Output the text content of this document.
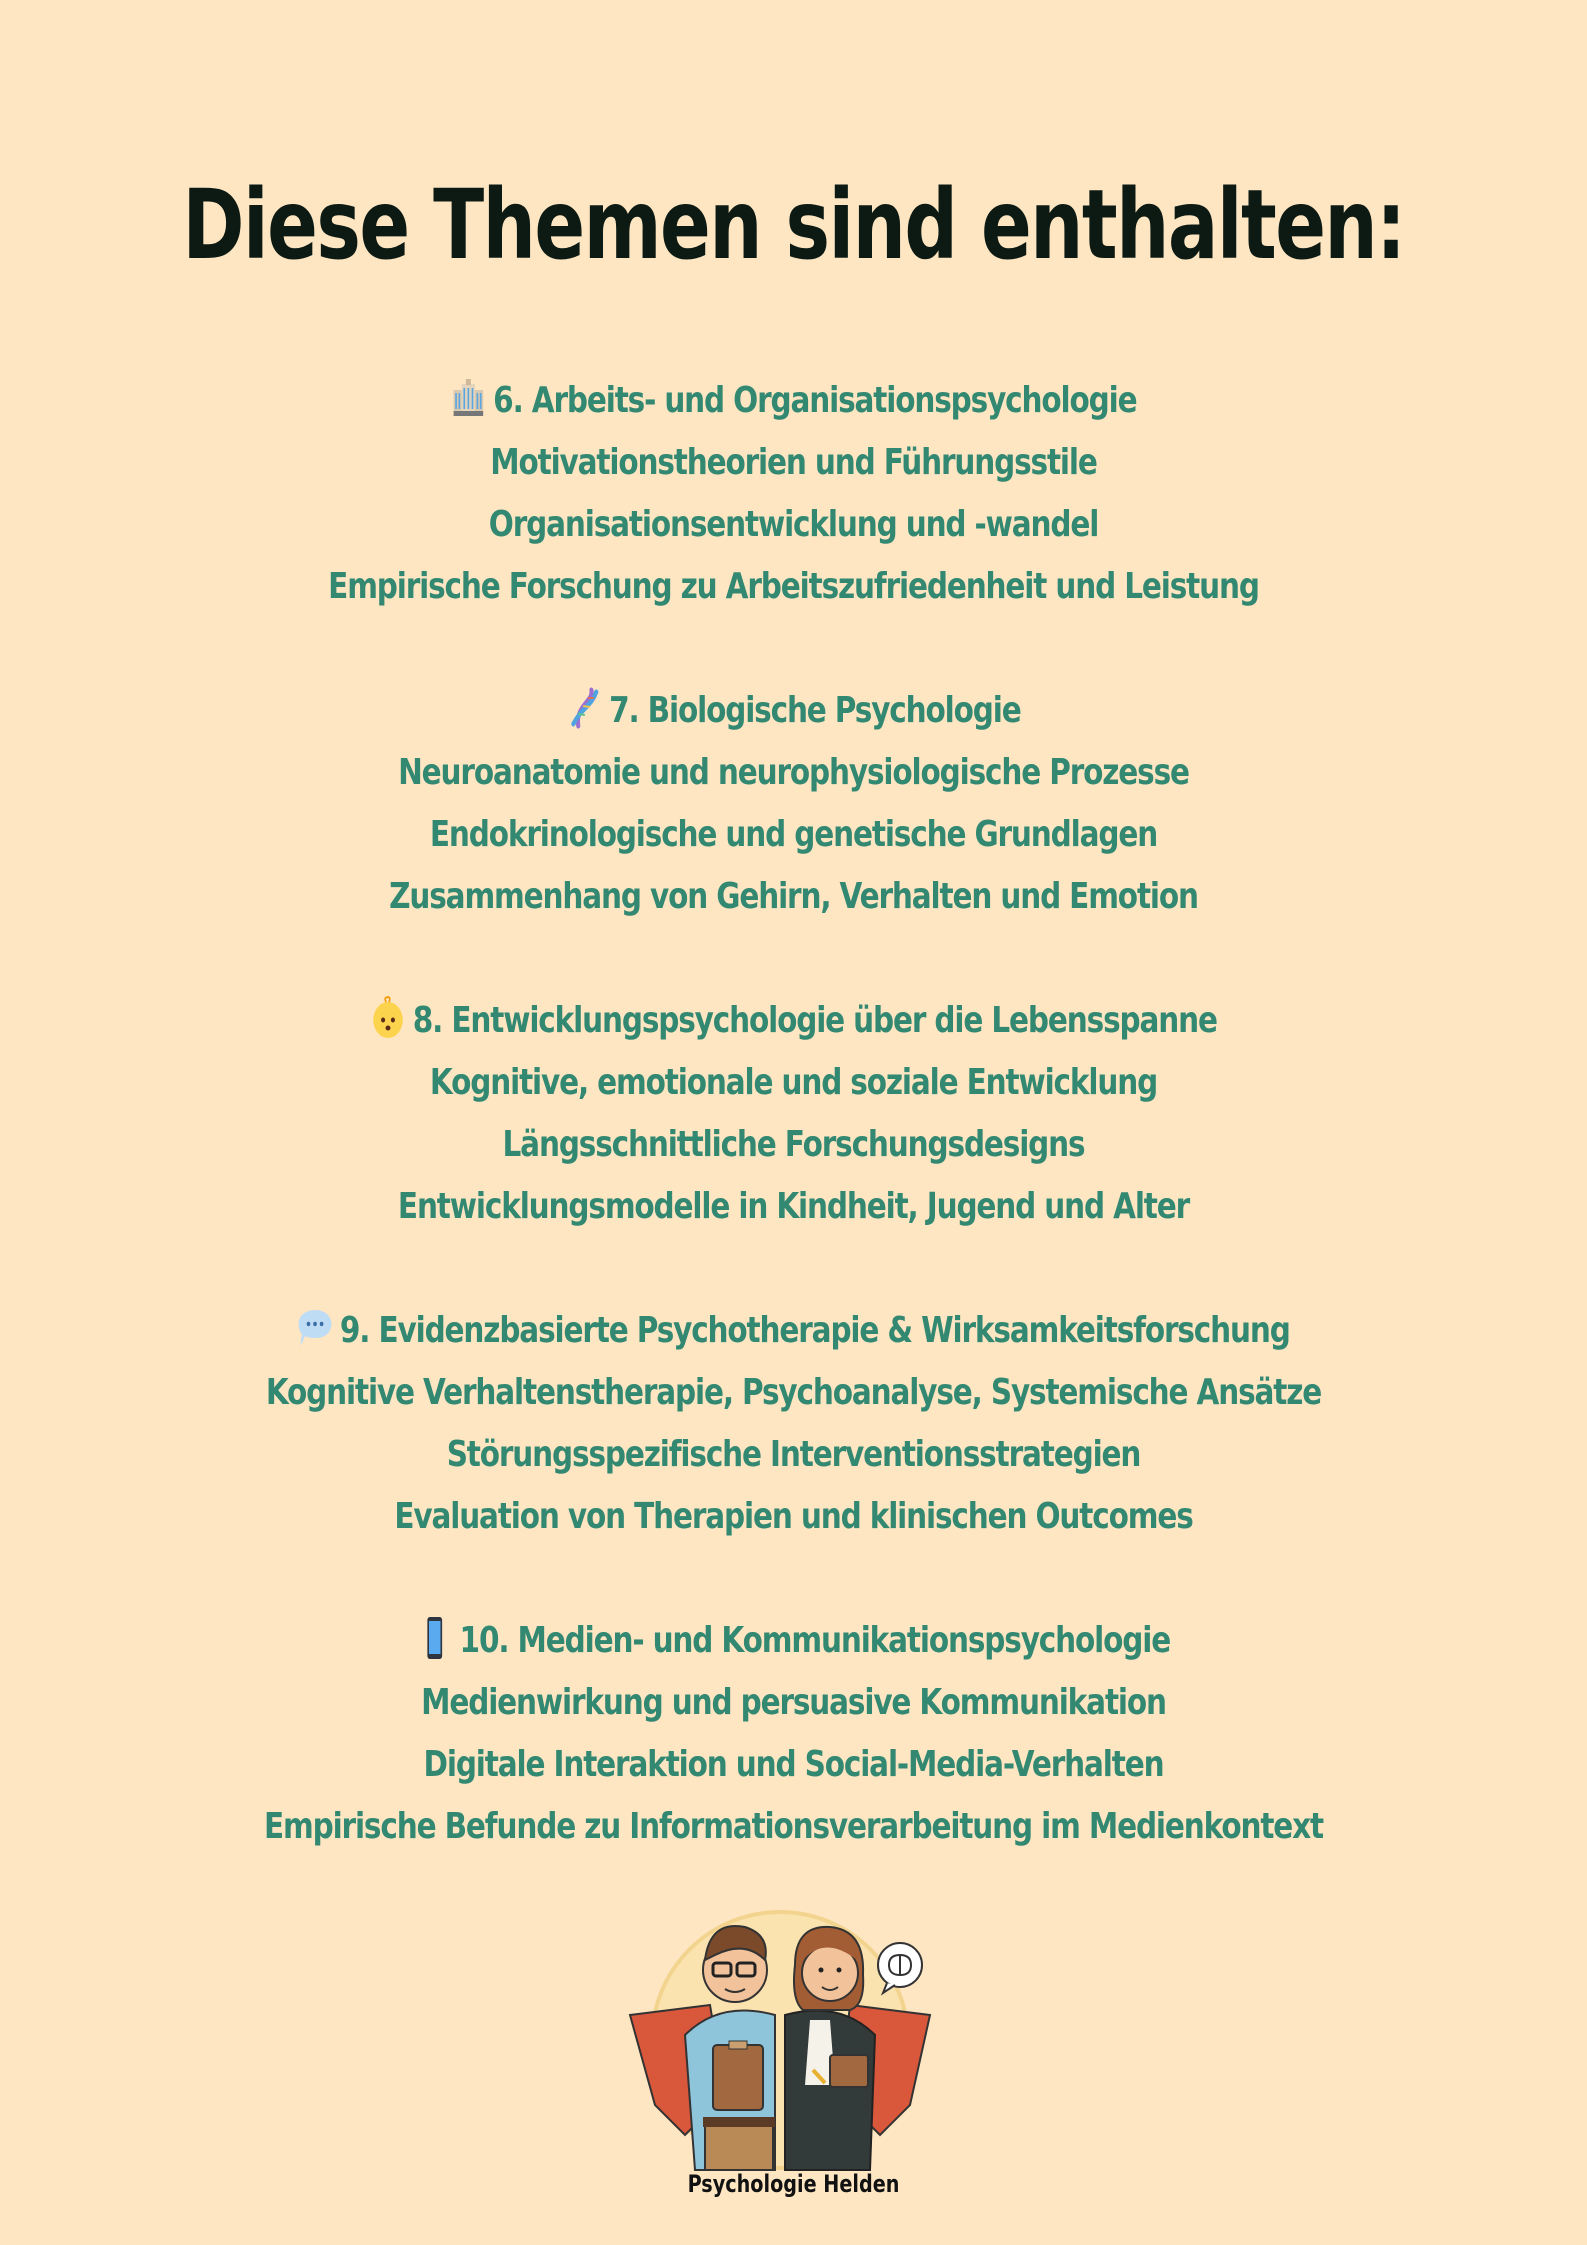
Diese Themen sind enthalten:
6. Arbeits- und Organisationspsychologie
Motivationstheorien und Führungsstile
Organisationsentwicklung und -wandel
Empirische Forschung zu Arbeitszufriedenheit und Leistung
7. Biologische Psychologie
Neuroanatomie und neurophysiologische Prozesse
Endokrinologische und genetische Grundlagen
Zusammenhang von Gehirn, Verhalten und Emotion
8. Entwicklungspsychologie über die Lebensspanne
Kognitive, emotionale und soziale Entwicklung
Längsschnittliche Forschungsdesigns
Entwicklungsmodelle in Kindheit, Jugend und Alter
9. Evidenzbasierte Psychotherapie & Wirksamkeitsforschung
Kognitive Verhaltenstherapie, Psychoanalyse, Systemische Ansätze
Störungsspezifische Interventionsstrategien
Evaluation von Therapien und klinischen Outcomes
10. Medien- und Kommunikationspsychologie
Medienwirkung und persuasive Kommunikation
Digitale Interaktion und Social-Media-Verhalten
Empirische Befunde zu Informationsverarbeitung im Medienkontext
Psychologie Helden
